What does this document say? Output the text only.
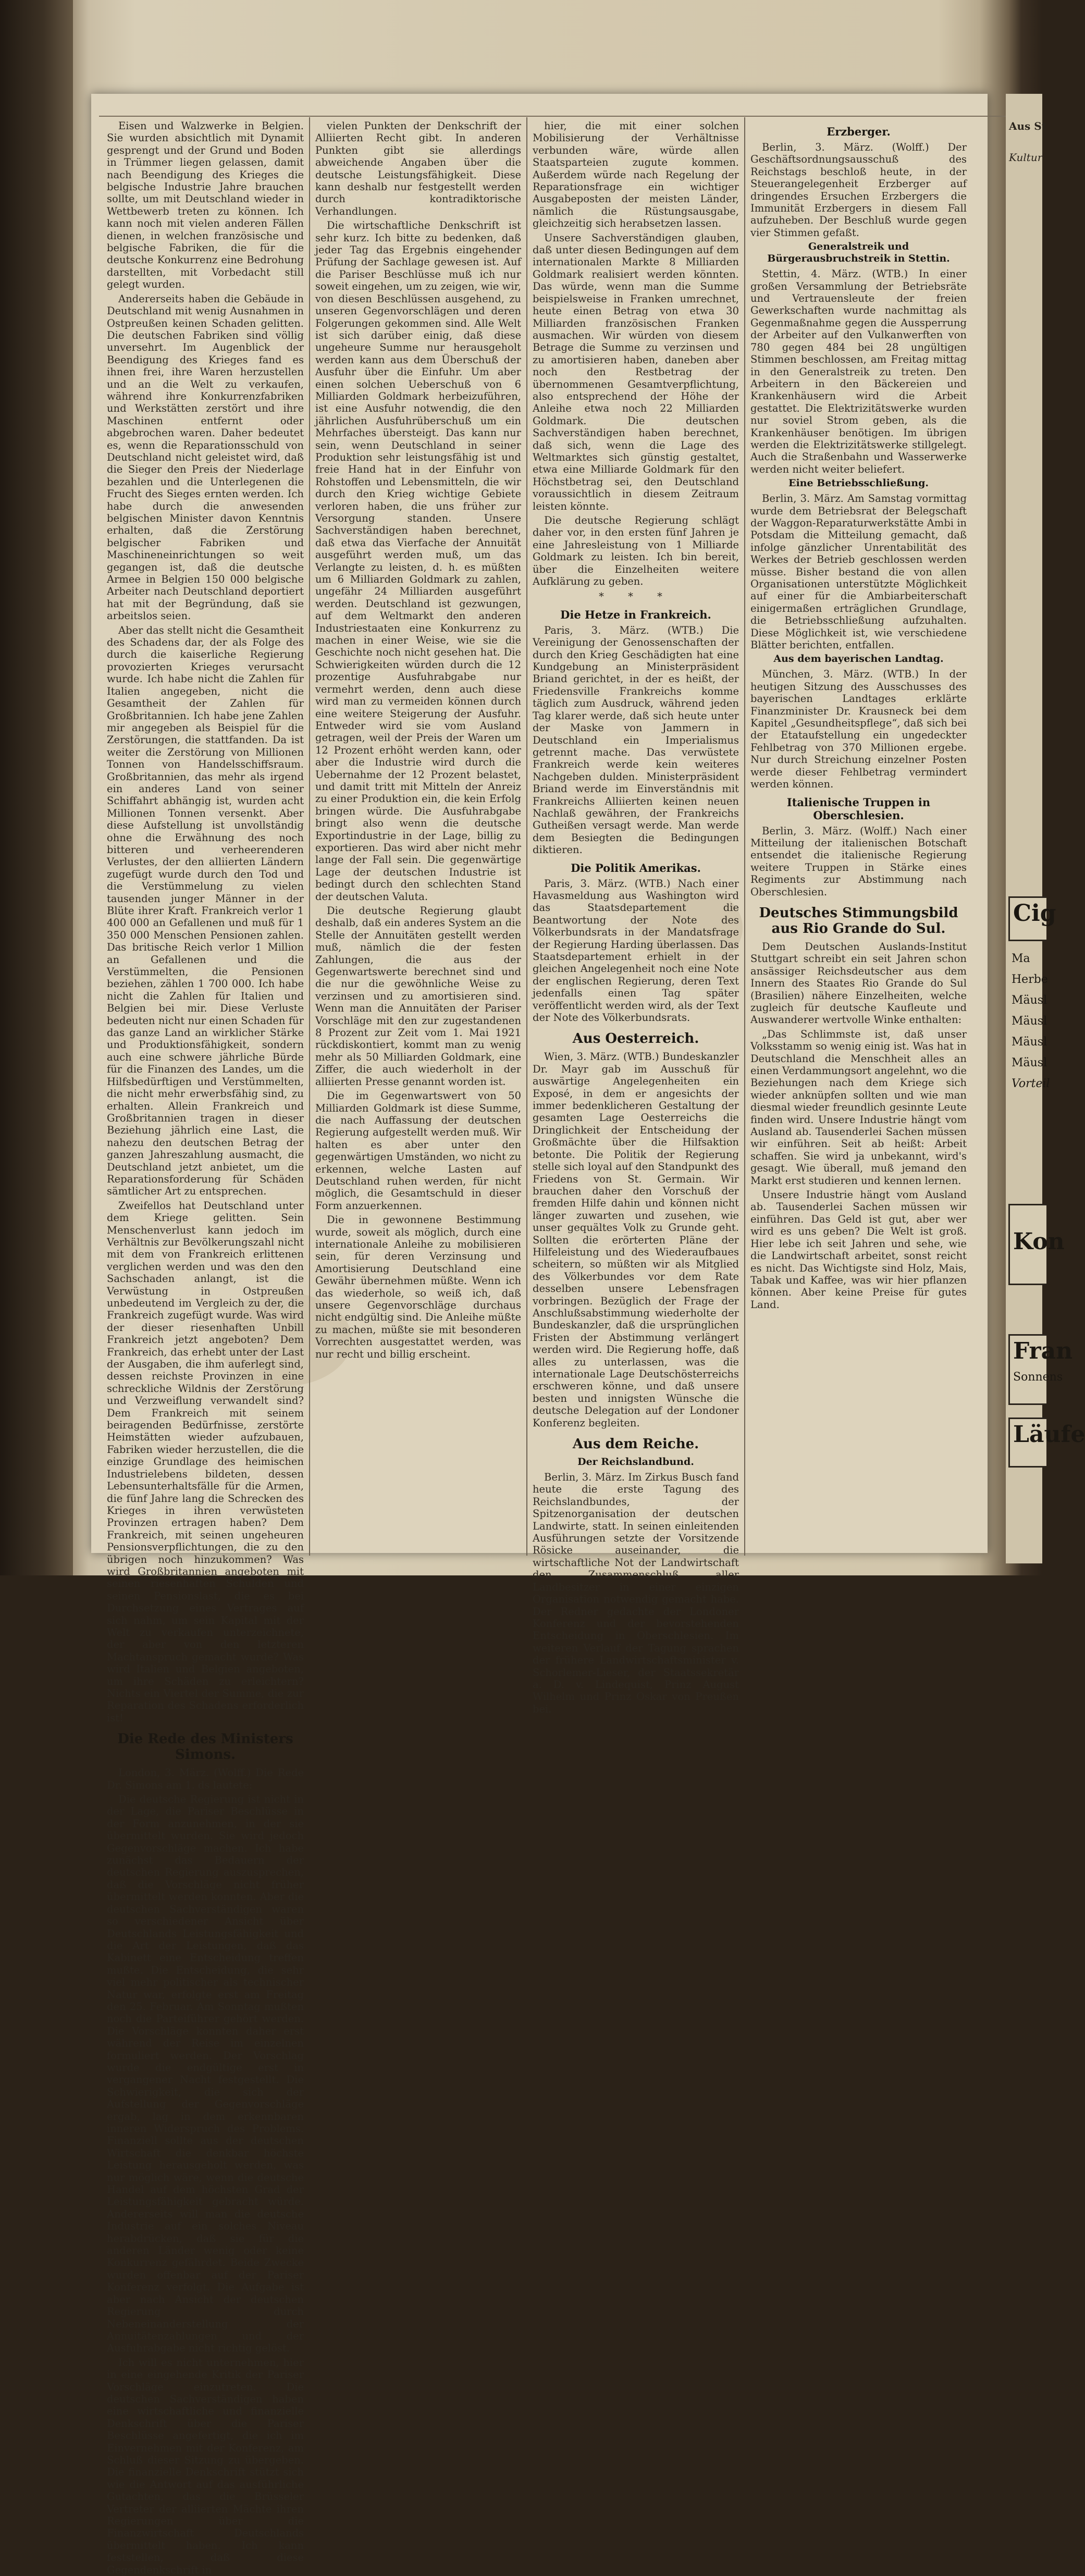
Eisen und Walzwerke in Belgien. Sie wurden absichtlich mit Dynamit gesprengt und der Grund und Boden in Trümmer liegen gelassen, damit nach Beendigung des Krieges die belgische Industrie Jahre brauchen sollte, um mit Deutschland wieder in Wettbewerb treten zu können. Ich kann noch mit vielen anderen Fällen dienen, in welchen französische und belgische Fabriken, die für die deutsche Konkurrenz eine Bedrohung darstellten, mit Vorbedacht still gelegt wurden.

Andererseits haben die Gebäude in Deutschland mit wenig Ausnahmen in Ostpreußen keinen Schaden gelitten. Die deutschen Fabriken sind völlig unversehrt. Im Augenblick der Beendigung des Krieges fand es ihnen frei, ihre Waren herzustellen und an die Welt zu verkaufen, während ihre Konkurrenzfabriken und Werkstätten zerstört und ihre Maschinen entfernt oder abgebrochen waren. Daher bedeutet es, wenn die Reparationsschuld von Deutschland nicht geleistet wird, daß die Sieger den Preis der Niederlage bezahlen und die Unterlegenen die Frucht des Sieges ernten werden. Ich habe durch die anwesenden belgischen Minister davon Kenntnis erhalten, daß die Zerstörung belgischer Fabriken und Maschineneinrichtungen so weit gegangen ist, daß die deutsche Armee in Belgien 150 000 belgische Arbeiter nach Deutschland deportiert hat mit der Begründung, daß sie arbeitslos seien.

Aber das stellt nicht die Gesamtheit des Schadens dar, der als Folge des durch die kaiserliche Regierung provozierten Krieges verursacht wurde. Ich habe nicht die Zahlen für Italien angegeben, nicht die Gesamtheit der Zahlen für Großbritannien. Ich habe jene Zahlen mir angegeben als Beispiel für die Zerstörungen, die stattfanden. Da ist weiter die Zerstörung von Millionen Tonnen von Handelsschiffsraum. Großbritannien, das mehr als irgend ein anderes Land von seiner Schiffahrt abhängig ist, wurden acht Millionen Tonnen versenkt. Aber diese Aufstellung ist unvollständig ohne die Erwähnung des noch bitteren und verheerenderen Verlustes, der den alliierten Ländern zugefügt wurde durch den Tod und die Verstümmelung zu vielen tausenden junger Männer in der Blüte ihrer Kraft. Frankreich verlor 1 400 000 an Gefallenen und muß für 1 350 000 Menschen Pensionen zahlen. Das britische Reich verlor 1 Million an Gefallenen und die Verstümmelten, die Pensionen beziehen, zählen 1 700 000. Ich habe nicht die Zahlen für Italien und Belgien bei mir. Diese Verluste bedeuten nicht nur einen Schaden für das ganze Land an wirklicher Stärke und Produktionsfähigkeit, sondern auch eine schwere jährliche Bürde für die Finanzen des Landes, um die Hilfsbedürftigen und Verstümmelten, die nicht mehr erwerbsfähig sind, zu erhalten. Allein Frankreich und Großbritannien tragen in dieser Beziehung jährlich eine Last, die nahezu den deutschen Betrag der ganzen Jahreszahlung ausmacht, die Deutschland jetzt anbietet, um die Reparationsforderung für Schäden sämtlicher Art zu entsprechen.

Zweifellos hat Deutschland unter dem Kriege gelitten. Sein Menschenverlust kann jedoch im Verhältnis zur Bevölkerungszahl nicht mit dem von Frankreich erlittenen verglichen werden und was den den Sachschaden anlangt, ist die Verwüstung in Ostpreußen unbedeutend im Vergleich zu der, die Frankreich zugefügt wurde. Was wird der dieser riesenhaften Unbill Frankreich jetzt angeboten? Dem Frankreich, das erhebt unter der Last der Ausgaben, die ihm auferlegt sind, dessen reichste Provinzen in eine schreckliche Wildnis der Zerstörung und Verzweiflung verwandelt sind? Dem Frankreich mit seinem beiragenden Bedürfnisse, zerstörte Heimstätten wieder aufzubauen, Fabriken wieder herzustellen, die die einzige Grundlage des heimischen Industrielebens bildeten, dessen Lebensunterhaltsfälle für die Armen, die fünf Jahre lang die Schrecken des Krieges in ihren verwüsteten Provinzen ertragen haben? Dem Frankreich, mit seinen ungeheuren Pensionsverpflichtungen, die zu den übrigen noch hinzukommen? Was wird Großbritannien angeboten mit seinen riesenhaften Schulden und seinen Pensionslast, die es bei Durchsetzung eines Vertrages auf sich nahm, um sein Kapital mit der Welt zu verkaufen unterzeichnete, der aber von den letzteren Machtanspruch gemacht wurde? Was wird Italien und Belgien angeboten, um ihre Schäden zu erleichtern? Nichts ein Viertel der Summe, die zur Reparation des Schadens erforderlich ist!

Die Rede des Ministers Simons.

London, 3. März. (Wolff.) Die Rede Dr. Simons am 1. ds lautete:

Die deutsche Regierung ist nicht in der Lage, die Pariser Beschlüsse in der Form anzunehmen, in der sie übermittelt wurden. Sie wird jedoch Gegenvorschläge machen. Ich habe zunächst das Bedauern der deutschen Regierung auszusprechen, daß die Vorschläge nicht früher übermittelt werden konnten. Aber die deutschen Sachverständigen waren so verschiedener Ansicht über Deutschlands Leistungsfähigkeit und die Art der Leistungen, daß das Kabinett eine Entscheidung treffen mußte. Die Entscheidung, die sehr viel mehr politischer als technischer Natur war, erfolgte erst am Freitag den 25. Februar. Am Sonntag mußten noch die Parteiführer gehört werden. Die Vorschläge konnten daher erst während der Reise im einzelnen formuliert werden. Der Vorschlag wurde die endgültige erst in vergangener Nacht festgestellt. Die Schwierigkeit, die sich der Aufstellung der Gegenvorschläge ergab, lag in dem erkennbaren inneren Widerspruch des Problems. Finanziell sollte aus der deutschen Wirtschaft die denkbar höchste Leistung herausgeholt werden, was nur möglich wäre, wenn die deutsche Handel auf dem höchsten Grad der Leistungsfähigkeit gebracht würde. Andererseits will man die deutsche Industrie auf ein solches Niveau herabdrücken, daß sie für die anderen Länder wenig oder keine Konkurrenz gefährdet. Beide Zwecke wurden offenbar auf der Pariser Konferenz verfolgt. Die Aufgabe ist aber nach Ansicht der deutschen Regierung durch Nebeneinanderstellung der Annuitätenzahlungen und der Ausfuhrabgabe nicht richtig gelöst.

Ich will es nicht unternehmen, hier in eine eingehende Kritik der Pariser Vorschläge einzutreten. Die deutschen Sachverständigen haben eine wirtschaftliche und finanzielle Denkschrift über die Pariser Beschlüsse angefertigt, die ich im Einvernehmen mit der Konferenz, am Schluß dieser Sitzung zu übergeben. Die finanzielle Denkschrift stützt sich wie die Antwort auf das ausführliche Gutachten, das die Brüsseler Vertreter der alliierten Mächte ihren Regierungen über die Finanzwirtschaft Deutschlands übermittelt haben. Ich kann feststellen, daß diese Gegendenkschrift in

vielen Punkten der Denkschrift der Alliierten Recht gibt. In anderen Punkten gibt sie allerdings abweichende Angaben über die deutsche Leistungsfähigkeit. Diese kann deshalb nur festgestellt werden durch kontradiktorische Verhandlungen.

Die wirtschaftliche Denkschrift ist sehr kurz. Ich bitte zu bedenken, daß jeder Tag das Ergebnis eingehender Prüfung der Sachlage gewesen ist. Auf die Pariser Beschlüsse muß ich nur soweit eingehen, um zu zeigen, wie wir, von diesen Beschlüssen ausgehend, zu unseren Gegenvorschlägen und deren Folgerungen gekommen sind. Alle Welt ist sich darüber einig, daß diese ungeheure Summe nur herausgeholt werden kann aus dem Überschuß der Ausfuhr über die Einfuhr. Um aber einen solchen Ueberschuß von 6 Milliarden Goldmark herbeizuführen, ist eine Ausfuhr notwendig, die den jährlichen Ausfuhrüberschuß um ein Mehrfaches übersteigt. Das kann nur sein, wenn Deutschland in seiner Produktion sehr leistungsfähig ist und freie Hand hat in der Einfuhr von Rohstoffen und Lebensmitteln, die wir durch den Krieg wichtige Gebiete verloren haben, die uns früher zur Versorgung standen. Unsere Sachverständigen haben berechnet, daß etwa das Vierfache der Annuität ausgeführt werden muß, um das Verlangte zu leisten, d. h. es müßten um 6 Milliarden Goldmark zu zahlen, ungefähr 24 Milliarden ausgeführt werden. Deutschland ist gezwungen, auf dem Weltmarkt den anderen Industriestaaten eine Konkurrenz zu machen in einer Weise, wie sie die Geschichte noch nicht gesehen hat. Die Schwierigkeiten würden durch die 12 prozentige Ausfuhrabgabe nur vermehrt werden, denn auch diese wird man zu vermeiden können durch eine weitere Steigerung der Ausfuhr. Entweder wird sie vom Ausland getragen, weil der Preis der Waren um 12 Prozent erhöht werden kann, oder aber die Industrie wird durch die Uebernahme der 12 Prozent belastet, und damit tritt mit Mitteln der Anreiz zu einer Produktion ein, die kein Erfolg bringen würde. Die Ausfuhrabgabe bringt also wenn die deutsche Exportindustrie in der Lage, billig zu exportieren. Das wird aber nicht mehr lange der Fall sein. Die gegenwärtige Lage der deutschen Industrie ist bedingt durch den schlechten Stand der deutschen Valuta.

Die deutsche Regierung glaubt deshalb, daß ein anderes System an die Stelle der Annuitäten gestellt werden muß, nämlich die der festen Zahlungen, die aus der Gegenwartswerte berechnet sind und die nur die gewöhnliche Weise zu verzinsen und zu amortisieren sind. Wenn man die Annuitäten der Pariser Vorschläge mit den zur zugestandenen 8 Prozent zur Zeit vom 1. Mai 1921 rückdiskontiert, kommt man zu wenig mehr als 50 Milliarden Goldmark, eine Ziffer, die auch wiederholt in der alliierten Presse genannt worden ist.

Die im Gegenwartswert von 50 Milliarden Goldmark ist diese Summe, die nach Auffassung der deutschen Regierung aufgestellt werden muß. Wir halten es aber unter den gegenwärtigen Umständen, wo nicht zu erkennen, welche Lasten auf Deutschland ruhen werden, für nicht möglich, die Gesamtschuld in dieser Form anzuerkennen.

Die in gewonnene Bestimmung wurde, soweit als möglich, durch eine internationale Anleihe zu mobilisieren sein, für deren Verzinsung und Amortisierung Deutschland eine Gewähr übernehmen müßte. Wenn ich das wiederhole, so weiß ich, daß unsere Gegenvorschläge durchaus nicht endgültig sind. Die Anleihe müßte zu machen, müßte sie mit besonderen Vorrechten ausgestattet werden, was nur recht und billig erscheint.

hier, die mit einer solchen Mobilisierung der Verhältnisse verbunden wäre, würde allen Staatsparteien zugute kommen. Außerdem würde nach Regelung der Reparationsfrage ein wichtiger Ausgabeposten der meisten Länder, nämlich die Rüstungsausgabe, gleichzeitig sich herabsetzen lassen.

Unsere Sachverständigen glauben, daß unter diesen Bedingungen auf dem internationalen Markte 8 Milliarden Goldmark realisiert werden könnten. Das würde, wenn man die Summe beispielsweise in Franken umrechnet, heute einen Betrag von etwa 30 Milliarden französischen Franken ausmachen. Wir würden von diesem Betrage die Summe zu verzinsen und zu amortisieren haben, daneben aber noch den Restbetrag der übernommenen Gesamtverpflichtung, also entsprechend der Höhe der Anleihe etwa noch 22 Milliarden Goldmark. Die deutschen Sachverständigen haben berechnet, daß sich, wenn die Lage des Weltmarktes sich günstig gestaltet, etwa eine Milliarde Goldmark für den Höchstbetrag sei, den Deutschland voraussichtlich in diesem Zeitraum leisten könnte.

Die deutsche Regierung schlägt daher vor, in den ersten fünf Jahren je eine Jahresleistung von 1 Milliarde Goldmark zu leisten. Ich bin bereit, über die Einzelheiten weitere Aufklärung zu geben.

* * *
Die Hetze in Frankreich.

Paris, 3. März. (WTB.) Die Vereinigung der Genossenschaften der durch den Krieg Geschädigten hat eine Kundgebung an Ministerpräsident Briand gerichtet, in der es heißt, der Friedensville Frankreichs komme täglich zum Ausdruck, während jeden Tag klarer werde, daß sich heute unter der Maske von Jammern in Deutschland ein Imperialismus getrennt mache. Das verwüstete Frankreich werde kein weiteres Nachgeben dulden. Ministerpräsident Briand werde im Einverständnis mit Frankreichs Alliierten keinen neuen Nachlaß gewähren, der Frankreichs Gutheißen versagt werde. Man werde dem Besiegten die Bedingungen diktieren.

Die Politik Amerikas.

Paris, 3. März. (WTB.) Nach einer Havasmeldung aus Washington wird das Staatsdepartement die Beantwortung der Note des Völkerbundsrats in der Mandatsfrage der Regierung Harding überlassen. Das Staatsdepartement erhielt in der gleichen Angelegenheit noch eine Note der englischen Regierung, deren Text jedenfalls einen Tag später veröffentlicht werden wird, als der Text der Note des Völkerbundsrats.

Aus Oesterreich.

Wien, 3. März. (WTB.) Bundeskanzler Dr. Mayr gab im Ausschuß für auswärtige Angelegenheiten ein Exposé, in dem er angesichts der immer bedenklicheren Gestaltung der gesamten Lage Oesterreichs die Dringlichkeit der Entscheidung der Großmächte über die Hilfsaktion betonte. Die Politik der Regierung stelle sich loyal auf den Standpunkt des Friedens von St. Germain. Wir brauchen daher den Vorschuß der fremden Hilfe dahin und können nicht länger zuwarten und zusehen, wie unser gequältes Volk zu Grunde geht. Sollten die erörterten Pläne der Hilfeleistung und des Wiederaufbaues scheitern, so müßten wir als Mitglied des Völkerbundes vor dem Rate desselben unsere Lebensfragen vorbringen. Bezüglich der Frage der Anschlußsabstimmung wiederholte der Bundeskanzler, daß die ursprünglichen Fristen der Abstimmung verlängert werden wird. Die Regierung hoffe, daß alles zu unterlassen, was die internationale Lage Deutschösterreichs erschweren könne, und daß unsere besten und innigsten Wünsche die deutsche Delegation auf der Londoner Konferenz begleiten.

Aus dem Reiche.
Der Reichslandbund.

Berlin, 3. März. Im Zirkus Busch fand heute die erste Tagung des Reichslandbundes, der Spitzenorganisation der deutschen Landwirte, statt. In seinen einleitenden Ausführungen setzte der Vorsitzende Rösicke auseinander, die wirtschaftliche Not der Landwirtschaft den Zusammenschluß aller Landbesitzer in einer einzigen Organisation notwendig gemacht habe. Der Redner gedachte der Londoner Konferenz und der bevorstehenden Entscheidung in Oberschlesien. Im weiteren Verlauf der Tagung sprachen der frühere Landwirtschaftsminister v. Schorlemer-Lieser, der Staatssekretär a. D. v. Lindequist, Prinz August Wilhelm und Prinz Oskar von Preußen bei.

Erzberger.

Berlin, 3. März. (Wolff.) Der Geschäftsordnungsausschuß des Reichstags beschloß heute, in der Steuerangelegenheit Erzberger auf dringendes Ersuchen Erzbergers die Immunität Erzbergers in diesem Fall aufzuheben. Der Beschluß wurde gegen vier Stimmen gefaßt.

Generalstreik und Bürgerausbruchstreik in Stettin.

Stettin, 4. März. (WTB.) In einer großen Versammlung der Betriebsräte und Vertrauensleute der freien Gewerkschaften wurde nachmittag als Gegenmaßnahme gegen die Aussperrung der Arbeiter auf den Vulkanwerften von 780 gegen 484 bei 28 ungültigen Stimmen beschlossen, am Freitag mittag in den Generalstreik zu treten. Den Arbeitern in den Bäckereien und Krankenhäusern wird die Arbeit gestattet. Die Elektrizitätswerke wurden nur soviel Strom geben, als die Krankenhäuser benötigen. Im übrigen werden die Elektrizitätswerke stillgelegt. Auch die Straßenbahn und Wasserwerke werden nicht weiter beliefert.

Eine Betriebsschließung.

Berlin, 3. März. Am Samstag vormittag wurde dem Betriebsrat der Belegschaft der Waggon-Reparaturwerkstätte Ambi in Potsdam die Mitteilung gemacht, daß infolge gänzlicher Unrentabilität des Werkes der Betrieb geschlossen werden müsse. Bisher bestand die von allen Organisationen unterstützte Möglichkeit auf einer für die Ambiarbeiterschaft einigermaßen erträglichen Grundlage, die Betriebsschließung aufzuhalten. Diese Möglichkeit ist, wie verschiedene Blätter berichten, entfallen.

Aus dem bayerischen Landtag.

München, 3. März. (WTB.) In der heutigen Sitzung des Ausschusses des bayerischen Landtages erklärte Finanzminister Dr. Krausneck bei dem Kapitel „Gesundheitspflege“, daß sich bei der Etataufstellung ein ungedeckter Fehlbetrag von 370 Millionen ergebe. Nur durch Streichung einzelner Posten werde dieser Fehlbetrag vermindert werden können.

Italienische Truppen in Oberschlesien.

Berlin, 3. März. (Wolff.) Nach einer Mitteilung der italienischen Botschaft entsendet die italienische Regierung weitere Truppen in Stärke eines Regiments zur Abstimmung nach Oberschlesien.

Deutsches Stimmungsbild aus Rio Grande do Sul.

Dem Deutschen Auslands-Institut Stuttgart schreibt ein seit Jahren schon ansässiger Reichsdeutscher aus dem Innern des Staates Rio Grande do Sul (Brasilien) nähere Einzelheiten, welche zugleich für deutsche Kaufleute und Auswanderer wertvolle Winke enthalten:

„Das Schlimmste ist, daß unser Volksstamm so wenig einig ist. Was hat in Deutschland die Menschheit alles an einen Verdammungsort angelehnt, wo die Beziehungen nach dem Kriege sich wieder anknüpfen sollten und wie man diesmal wieder freundlich gesinnte Leute finden wird. Unsere Industrie hängt vom Ausland ab. Tausenderlei Sachen müssen wir einführen. Seit ab heißt: Arbeit schaffen. Sie wird ja unbekannt, wird's gesagt. Wie überall, muß jemand den Markt erst studieren und kennen lernen.

Unsere Industrie hängt vom Ausland ab. Tausenderlei Sachen müssen wir einführen. Das Geld ist gut, aber wer wird es uns geben? Die Welt ist groß. Hier lebe ich seit Jahren und sehe, wie die Landwirtschaft arbeitet, sonst reicht es nicht. Das Wichtigste sind Holz, Mais, Tabak und Kaffee, was wir hier pflanzen können. Aber keine Preise für gutes Land.

Aus St
Kultur
Cig
Ma
Herbe
Mäusl
Mäusl
Mäusl
Mäusl
Vorteil
Kon
Fran
Sonnens
Läufe
